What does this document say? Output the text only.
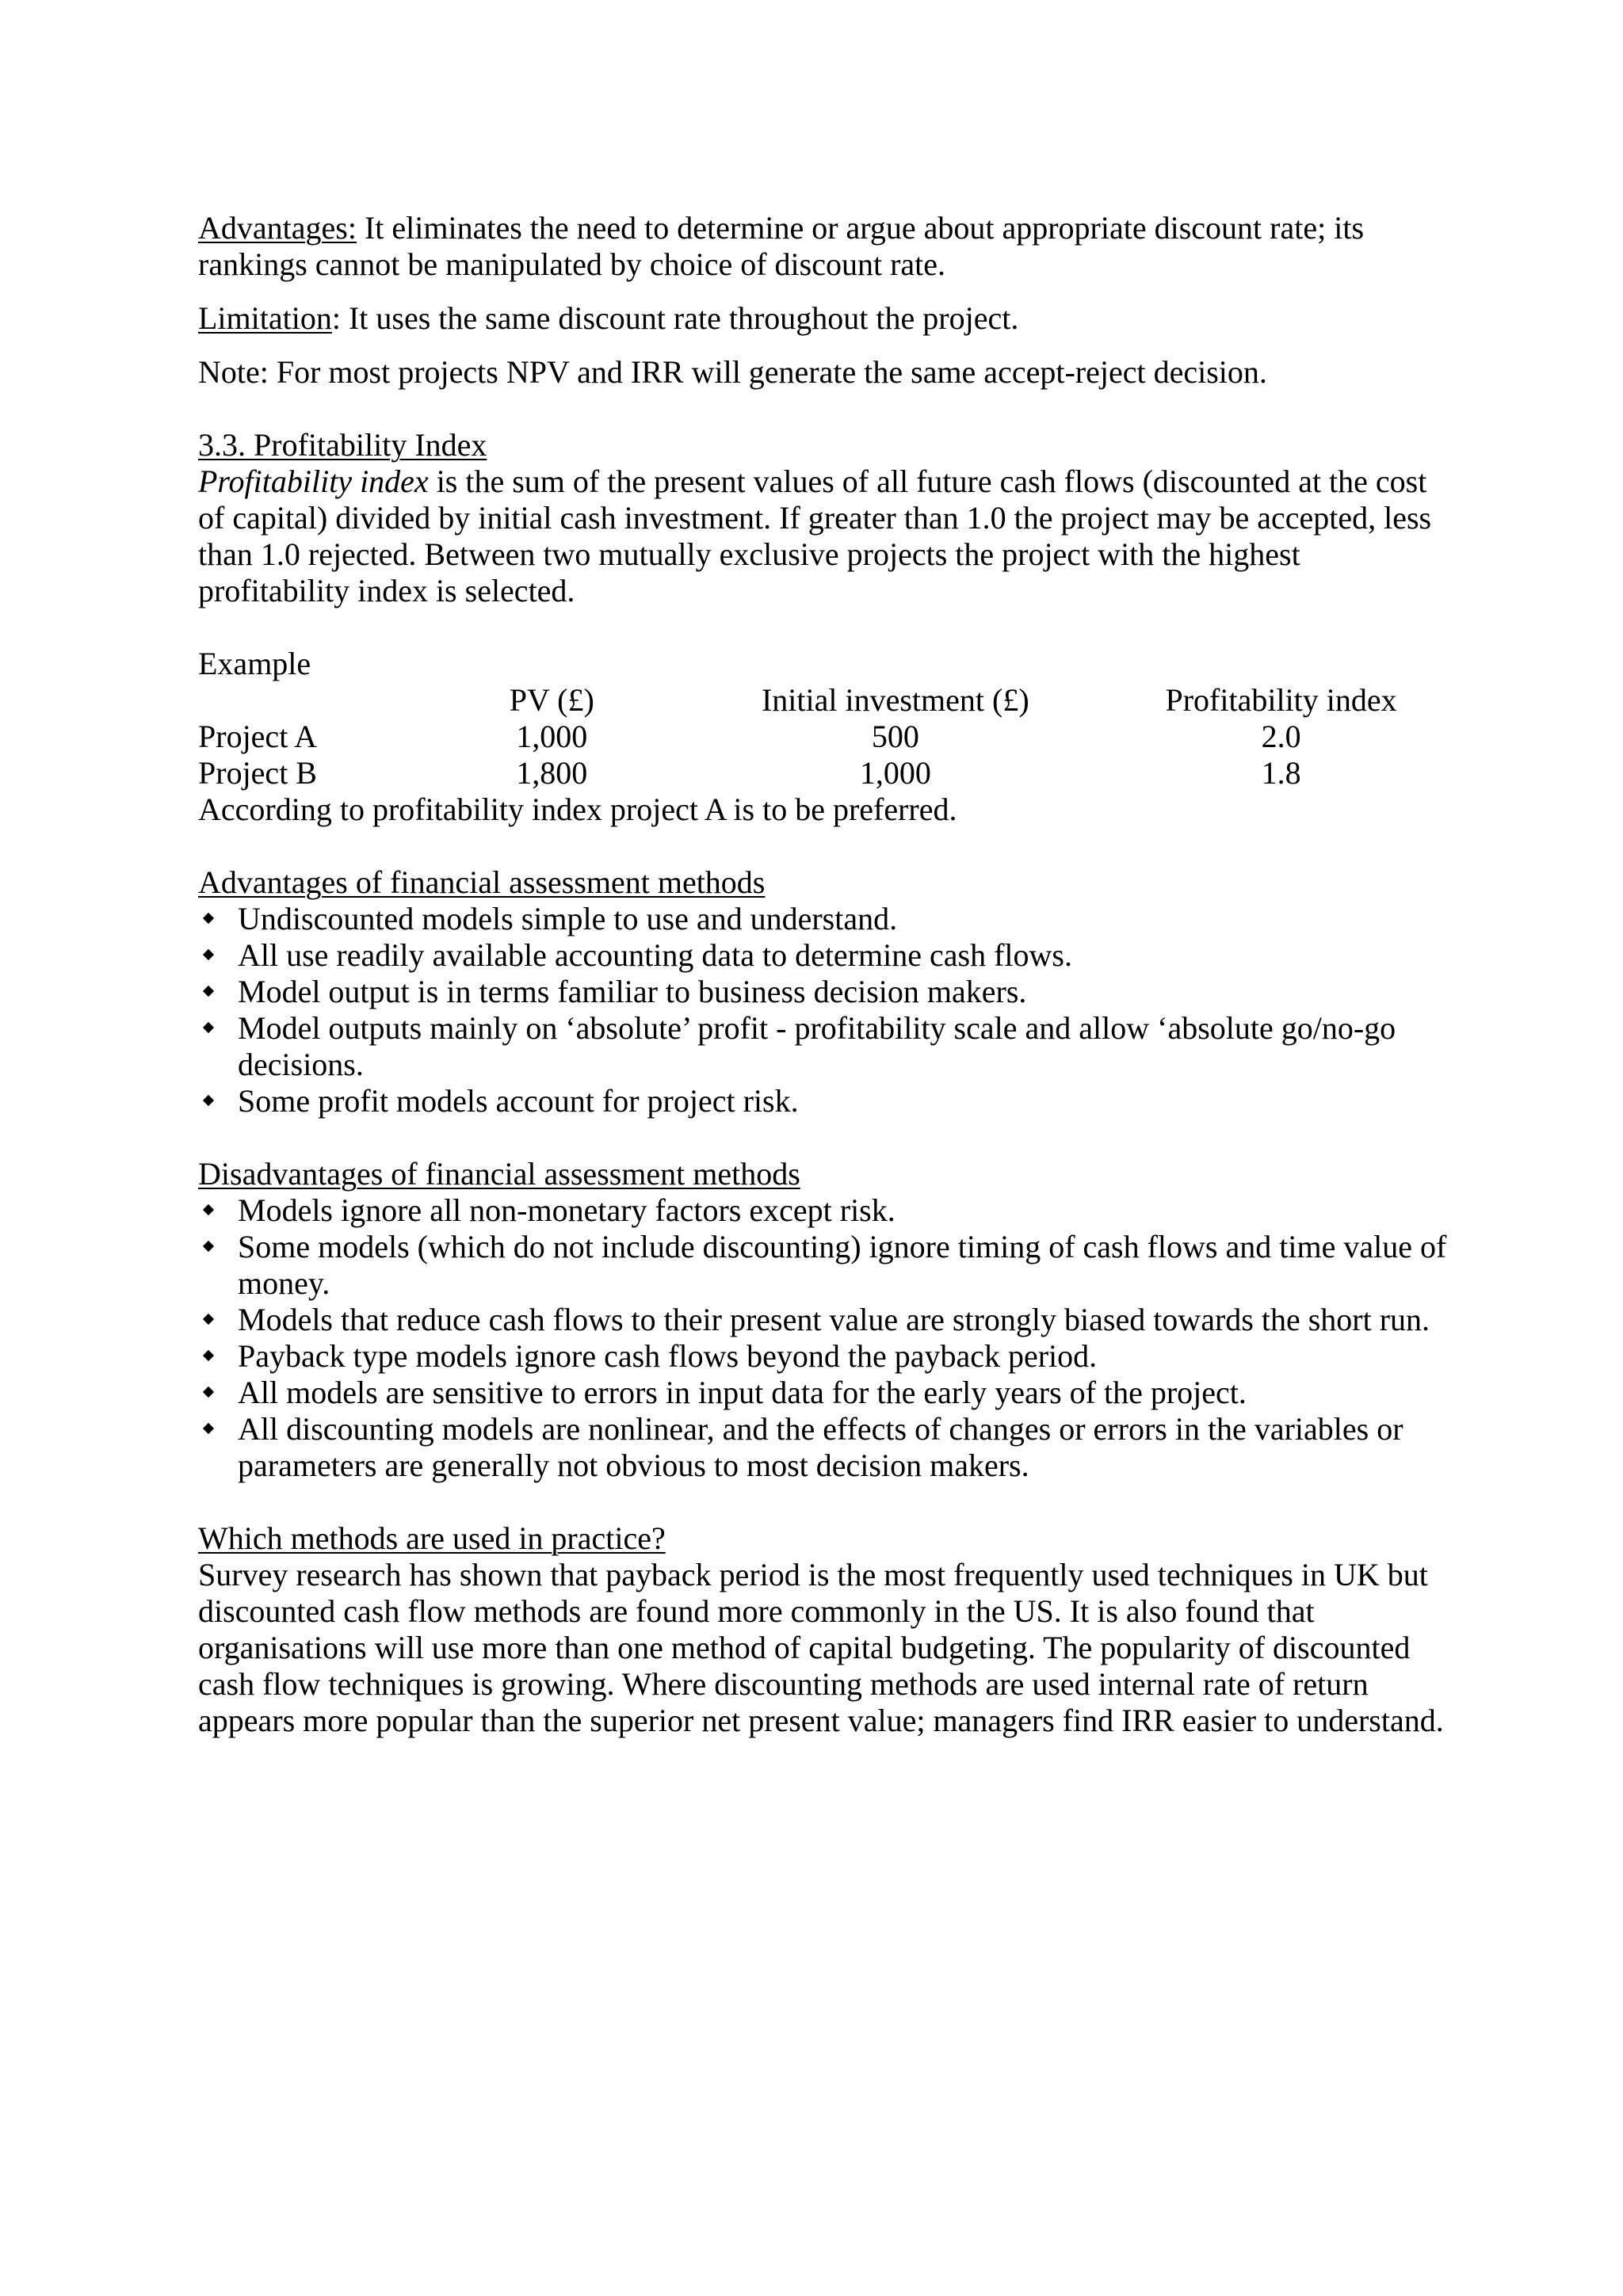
Advantages: It eliminates the need to determine or argue about appropriate discount rate; its rankings cannot be manipulated by choice of discount rate.

Limitation: It uses the same discount rate throughout the project.

Note: For most projects NPV and IRR will generate the same accept-reject decision.

3.3. Profitability Index

Profitability index is the sum of the present values of all future cash flows (discounted at the cost of capital) divided by initial cash investment. If greater than 1.0 the project may be accepted, less than 1.0 rejected. Between two mutually exclusive projects the project with the highest profitability index is selected.

Example

	PV (£)		Initial investment (£)		Profitability index
Project A	1,000		500		2.0
Project B	1,800		1,000		1.8

According to profitability index project A is to be preferred.

Advantages of financial assessment methods

Undiscounted models simple to use and understand.
All use readily available accounting data to determine cash flows.
Model output is in terms familiar to business decision makers.
Model outputs mainly on ‘absolute’ profit - profitability scale and allow ‘absolute go/no-go decisions.
Some profit models account for project risk.

Disadvantages of financial assessment methods

Models ignore all non-monetary factors except risk.
Some models (which do not include discounting) ignore timing of cash flows and time value of money.
Models that reduce cash flows to their present value are strongly biased towards the short run.
Payback type models ignore cash flows beyond the payback period.
All models are sensitive to errors in input data for the early years of the project.
All discounting models are nonlinear, and the effects of changes or errors in the variables or parameters are generally not obvious to most decision makers.

Which methods are used in practice?

Survey research has shown that payback period is the most frequently used techniques in UK but discounted cash flow methods are found more commonly in the US. It is also found that organisations will use more than one method of capital budgeting. The popularity of discounted cash flow techniques is growing. Where discounting methods are used internal rate of return appears more popular than the superior net present value; managers find IRR easier to understand.
